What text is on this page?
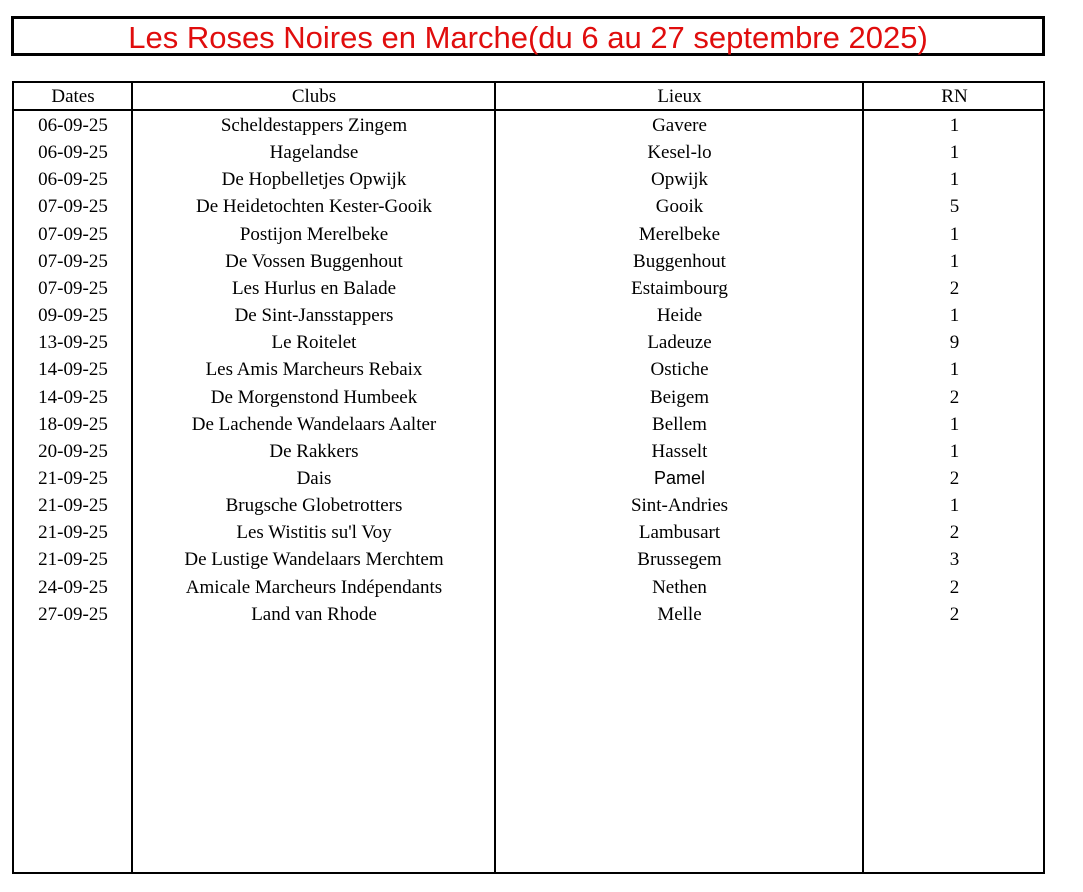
Les Roses Noires en Marche(du 6 au 27 septembre 2025)
Dates	Clubs	Lieux	RN
06-09-25	Scheldestappers Zingem	Gavere	1
06-09-25	Hagelandse	Kesel-lo	1
06-09-25	De Hopbelletjes Opwijk	Opwijk	1
07-09-25	De Heidetochten Kester-Gooik	Gooik	5
07-09-25	Postijon Merelbeke	Merelbeke	1
07-09-25	De Vossen Buggenhout	Buggenhout	1
07-09-25	Les Hurlus en Balade	Estaimbourg	2
09-09-25	De Sint-Jansstappers	Heide	1
13-09-25	Le Roitelet	Ladeuze	9
14-09-25	Les Amis Marcheurs Rebaix	Ostiche	1
14-09-25	De Morgenstond Humbeek	Beigem	2
18-09-25	De Lachende Wandelaars Aalter	Bellem	1
20-09-25	De Rakkers	Hasselt	1
21-09-25	Dais	Pamel	2
21-09-25	Brugsche Globetrotters	Sint-Andries	1
21-09-25	Les Wistitis su'l Voy	Lambusart	2
21-09-25	De Lustige Wandelaars Merchtem	Brussegem	3
24-09-25	Amicale Marcheurs Indépendants	Nethen	2
27-09-25	Land van Rhode	Melle	2
